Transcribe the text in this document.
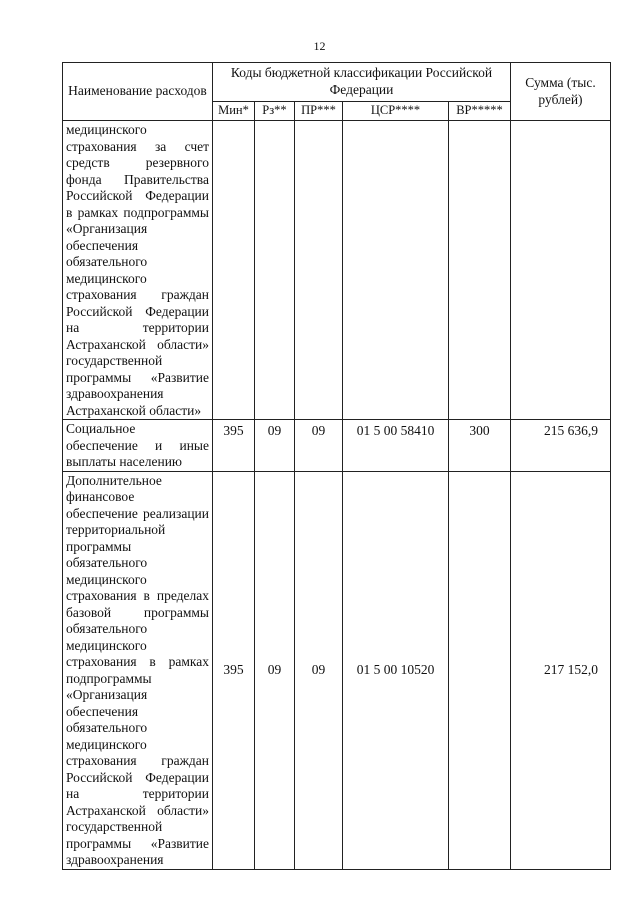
12
Наименование расходов	Коды бюджетной классификации Российской Федерации					Сумма (тыс. рублей)
	Мин*	Рз**	ПР***	ЦСР****	ВР*****	
медицинского страхования за счет средств резервного фонда Правительства Российской Федерации в рамках подпрограммы «Организация обеспечения обязательного медицинского страхования граждан Российской Федерации на территории Астраханской области» государственной программы «Развитие здравоохранения Астраханской области»						
Социальное обеспечение и иные выплаты населению	395	09	09	01 5 00 58410	300	215 636,9
Дополнительное финансовое обеспечение реализации территориальной программы обязательного медицинского страхования в пределах базовой программы обязательного медицинского страхования в рамках подпрограммы «Организация обеспечения обязательного медицинского страхования граждан Российской Федерации на территории Астраханской области» государственной программы «Развитие здравоохранения	395	09	09	01 5 00 10520		217 152,0
